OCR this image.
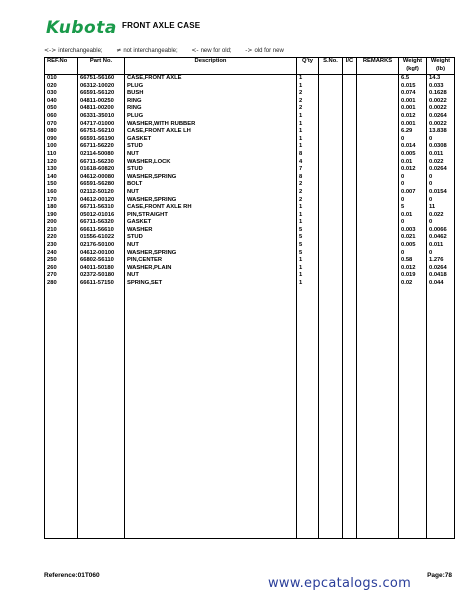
Kubota FRONT AXLE CASE
<-> interchangeable; ≠ not interchangeable; <- new for old; -> old for new
REF.No	Part No.	Description	Q'ty	S.No.	I/C	REMARKS	Weight (kgf)	Weight (lb)
010	66751-56160	CASE,FRONT AXLE	1				6.5	14.3
020	06312-10020	PLUG	1				0.015	0.033
030	66591-56120	BUSH	2				0.074	0.1628
040	04811-00250	RING	2				0.001	0.0022
050	04811-00200	RING	2				0.001	0.0022
060	06331-35010	PLUG	1				0.012	0.0264
070	04717-01000	WASHER,WITH RUBBER	1				0.001	0.0022
080	66751-56210	CASE,FRONT AXLE LH	1				6.29	13.838
090	66591-56190	GASKET	1				0	0
100	66711-56220	STUD	1				0.014	0.0308
110	02114-50080	NUT	8				0.005	0.011
120	66711-56230	WASHER,LOCK	4				0.01	0.022
130	01618-60820	STUD	7				0.012	0.0264
140	04612-00080	WASHER,SPRING	8				0	0
150	66591-56280	BOLT	2				0	0
160	02112-50120	NUT	2				0.007	0.0154
170	04612-00120	WASHER,SPRING	2				0	0
180	66711-56310	CASE,FRONT AXLE RH	1				5	11
190	05012-01016	PIN,STRAIGHT	1				0.01	0.022
200	66711-56320	GASKET	1				0	0
210	66611-56610	WASHER	5				0.003	0.0066
220	01556-61022	STUD	5				0.021	0.0462
230	02176-50100	NUT	5				0.005	0.011
240	04612-00100	WASHER,SPRING	5				0	0
250	66802-56110	PIN,CENTER	1				0.58	1.276
260	04011-50180	WASHER,PLAIN	1				0.012	0.0264
270	02372-50180	NUT	1				0.019	0.0418
280	66611-57150	SPRING,SET	1				0.02	0.044

Reference:01T060
www.epcatalogs.com
Page:78
